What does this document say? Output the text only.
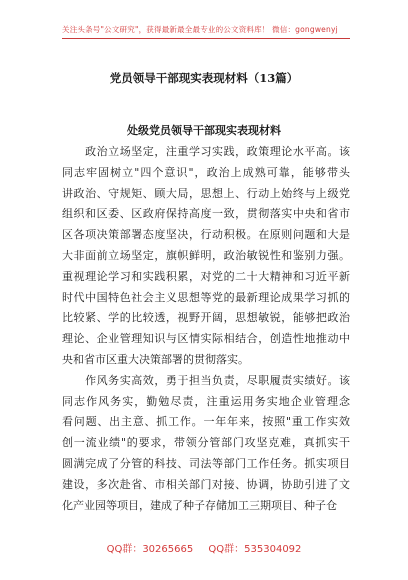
关注头条号"公文研究"，获得最新最全最专业的公文资料库！ 微信：gongwenyj
党员领导干部现实表现材料（13篇）
处级党员领导干部现实表现材料
　　政治立场坚定，注重学习实践，政策理论水平高。该
同志牢固树立"四个意识"，政治上成熟可靠，能够带头
讲政治、守规矩、顾大局，思想上、行动上始终与上级党
组织和区委、区政府保持高度一致，贯彻落实中央和省市
区各项决策部署态度坚决，行动积极。在原则问题和大是
大非面前立场坚定，旗帜鲜明，政治敏锐性和鉴别力强。
重视理论学习和实践积累，对党的二十大精神和习近平新
时代中国特色社会主义思想等党的最新理论成果学习抓的
比较紧、学的比较透，视野开阔，思想敏锐，能够把政治
理论、企业管理知识与区情实际相结合，创造性地推动中
央和省市区重大决策部署的贯彻落实。
　　作风务实高效，勇于担当负责，尽职履责实绩好。该
同志作风务实，勤勉尽责，注重运用务实地企业管理念
看问题、出主意、抓工作。一年年来，按照"重工作实效
创一流业绩"的要求，带领分管部门攻坚克难，真抓实干
圆满完成了分管的科技、司法等部门工作任务。抓实项目
建设，多次赴省、市相关部门对接、协调，协助引进了文
化产业园等项目，建成了种子存储加工三期项目、种子仓
QQ群：30265665 QQ群：535304092
